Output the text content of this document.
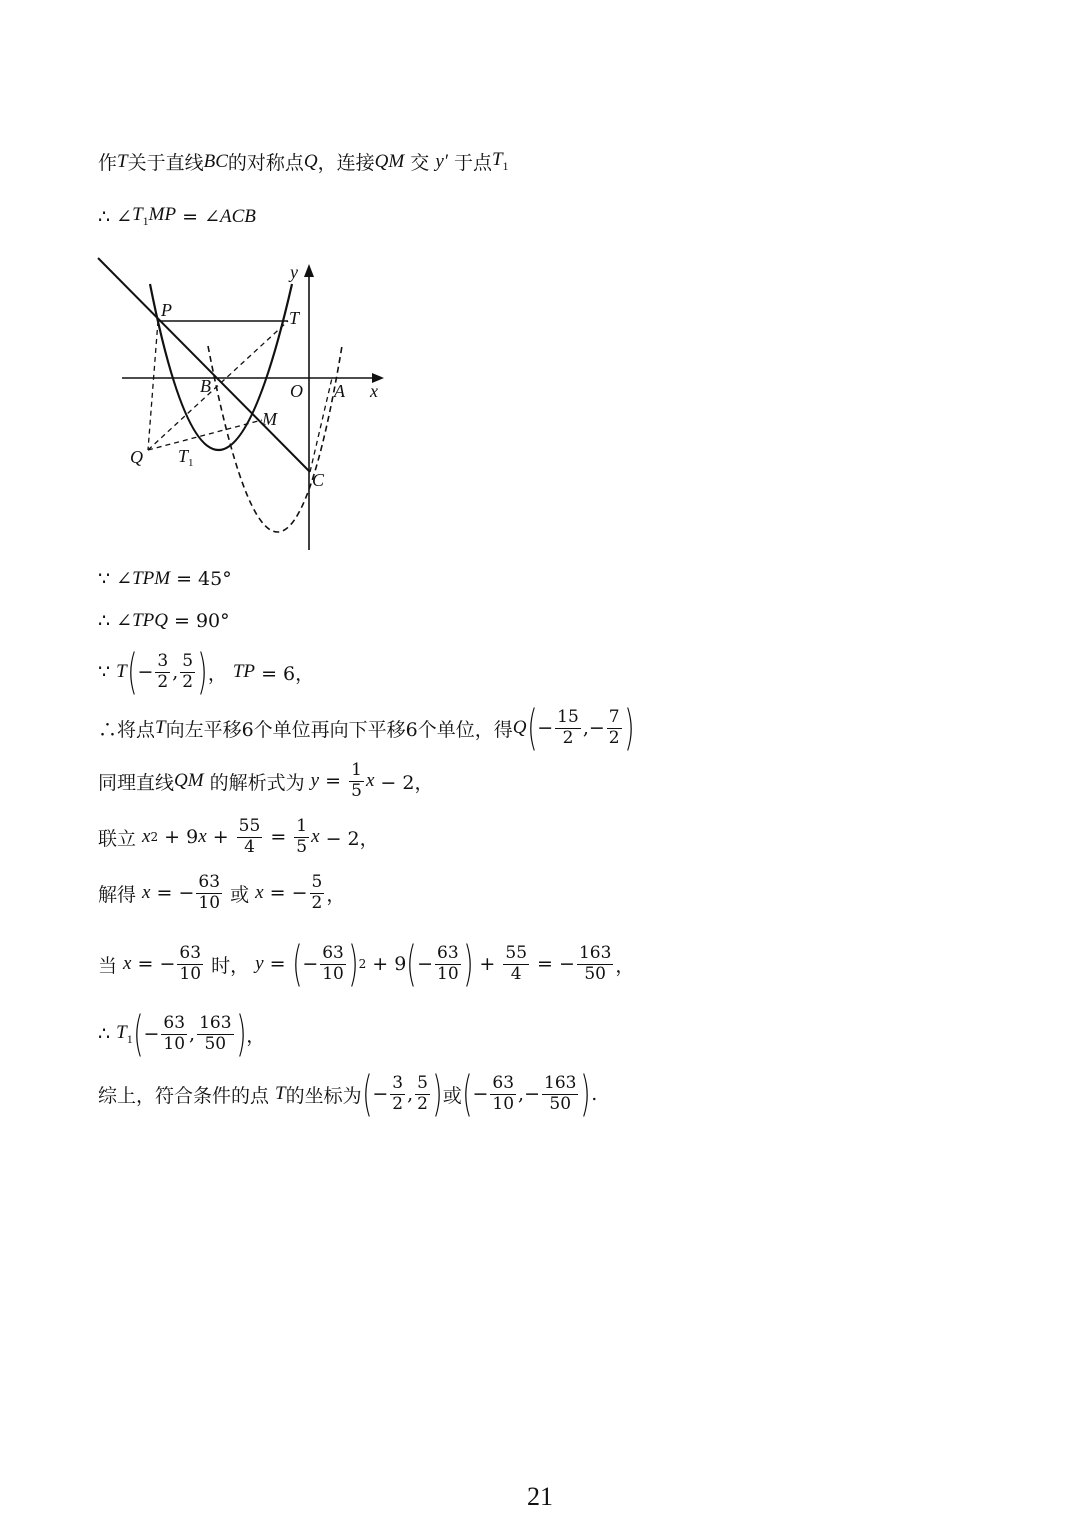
作 T 关于直线 BC 的对称点 Q ，连接 QM 交 y′ 于点 $T_1$
∴ ∠ $T_1MP$ = ∠ ACB
y
x
P	T
B	O A
M
Q $T_1$
C
∵ ∠ TPM = 45°
∴ ∠ TPQ = 90°
∵ T ( − $\frac{3}{2}$ , $\frac{5}{2}$ ) ， TP = 6，
∴将点 T 向左平移6个单位再向下平移6个单位，得 Q ( − $\frac{15}{2}$ ,− $\frac{7}{2}$ )
同理直线 QM 的解析式为 $y = \frac{1}{5}$ x − 2，
联立 x 2 + 9 $x + \frac{55}{4} = \frac{1}{5}$ x − 2，
解得 x = − $\frac{63}{10}$ 或 x = − $\frac{5}{2}$ ，
当 x = − $\frac{63}{10}$ 时， y = ( − $\frac{63}{10}$ ) 2 + 9 ( − $\frac{63}{10}$ ) + $\frac{55}{4}$ = − $\frac{163}{50}$ ，
∴ $T_1$ ( − $\frac{63}{10}$ , $\frac{163}{50}$ ) ，
综上，符合条件的点 T 的坐标为 ( − $\frac{3}{2}$ , $\frac{5}{2}$ ) 或 ( − $\frac{63}{10}$ ,− $\frac{163}{50}$ ) .
21
